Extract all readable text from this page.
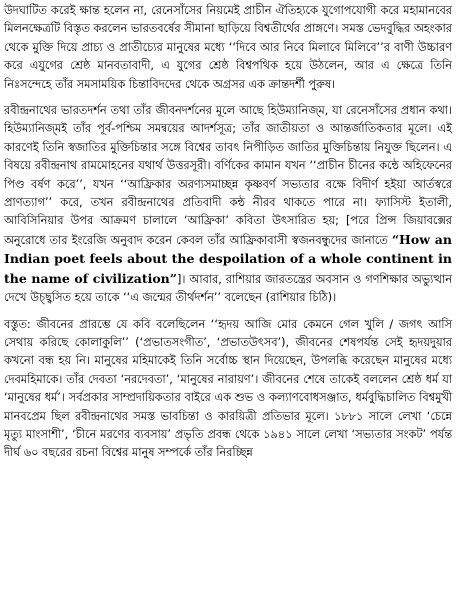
উদঘাটিত করেই ক্ষান্ত হলেন না, রেনেসাঁসের নিয়মেই প্রাচীন ঐতিহ্যকে যুগোপযোগী করে মহামানবের মিলনক্ষেত্রটি বিস্তৃত করলেন ভারতবর্ষের সীমানা ছাড়িয়ে বিশ্বতীর্থের প্রাঙ্গণে। সমস্ত ভেদবুদ্ধির অহংকার থেকে মুক্তি দিয়ে প্রাচ্য ও প্রাতীচ্যের মানুষের মধ্যে ‘‘দিবে আর নিবে মিলাবে মিলিবে’’র বাণী উচ্চারণ করে এযুগের শ্রেষ্ঠ মানবতাবাদী, এ যুগের শ্রেষ্ঠ বিশ্বপথিক হয়ে উঠলেন, আর এ ক্ষেত্রে তিনি নিঃসন্দেহে তাঁর সমসাময়িক চিন্তাবিদদের থেকে অগ্রসর এক ক্রান্তদর্শী পুরুষ।

রবীন্দ্রনাথের ভারতদর্শন তথা তাঁর জীবনদর্শনের মূলে আছে হিউম্যানিজ্‌ম, যা রেনেসাঁসের প্রধান কথা। হিউম্যানিজ্‌মই তাঁর পূর্ব-পশ্চিম সমন্বয়ের আদর্শসূত্র; তাঁর জাতীয়তা ও আন্তর্জাতিকতার মূলে। এই কারণেই তিনি স্বজাতির মুক্তিচিন্তার সঙ্গে বিশ্বের তাবৎ নিপীড়িত জাতির মুক্তিচিন্তায় নিযুক্ত ছিলেন। এ বিষয়ে রবীন্দ্রনাথ রামমোহনের যথার্থ উত্তরসূরী। বর্ণিকের কামান যখন ‘‘প্রাচীন চীনের কন্ঠে অহিফেনের পিণ্ড বর্ষণ করে’’, যখন ‘‘আফ্রিকার অরণ্যসমাচ্ছন্ন কৃষ্ণবর্ণ সভ্যতার বক্ষে বিদীর্ণ হইয়া আর্তস্বরে প্রাণত্যাগ’’ করে, তখন রবীন্দ্রনাথের প্রতিবাদী কন্ঠ নীরব থাকতে পারে না। ফ্যাসিস্ট ইতালী, আবিসিনিয়ার উপর আক্রমণ চালালে ‘আফ্রিকা’ কবিতা উৎসারিত হয়; [পরে প্রিন্স জিয়াবক্সের অনুরোধে তার ইংরেজি অনুবাদ করেন কেবল তাঁর আফ্রিকাবাসী স্বজনবন্ধুদের জানাতে “How an Indian poet feels about the despoilation of a whole continent in the name of civilization”]। আবার, রাশিয়ার জারতন্ত্রের অবসান ও গণশিক্ষার অভ্যুত্থান দেখে উচ্ছ্বসিত হয়ে তাকে ‘‘এ জন্মের তীর্থদর্শন’’ বলেছেন (রাশিয়ার চিঠি)।

বস্তুত: জীবনের প্রারম্ভে যে কবি বলেছিলেন ‘‘হৃদয় আজি মোর কেমনে গেল খুলি / জগৎ আসি সেথায় করিছে কোলাকুলি’’ (‘প্রভাতসংগীত’, ‘প্রভাতউৎসব’), জীবনের শেষপর্যন্ত সেই হৃদয়দুয়ার কখনো বন্ধ হয় নি। মানুষের মহিমাকেই তিনি সর্বোচ্চ স্থান দিয়েছেন, উপলব্ধি করেছেন মানুষের মধ্যে দেবমহিমাকে। তাঁর দেবতা ‘নরদেবতা’, ‘মানুষের নারায়ণ’। জীবনের শেষে তাকেই বললেন শ্রেষ্ঠ ধর্ম যা ‘মানুষের ধর্ম’। সর্বপ্রকার সাম্প্রদায়িকতার বাইরে এক শুভ ও কল্যাণবোধসঞ্জাত, ধর্মবুদ্ধিচালিত বিশ্বমুখী মানবপ্রেম ছিল রবীন্দ্রনাথের সমস্ত ভাবচিন্তা ও কারয়িত্রী প্রতিভার মূলে। ১৮৮১ সালে লেখা ‘চেন্নে মৃত্যু মাংসাশী’, ‘চীনে মরণের ব্যবসায়’ প্রভৃতি প্রবন্ধ থেকে ১৯৪১ সালে লেখা ‘সভ্যতার সংকট’ পর্যন্ত দীর্ঘ ৬০ বছরের রচনা বিশ্বের মানুষ সম্পর্কে তাঁর নিরচ্ছিন্ন
